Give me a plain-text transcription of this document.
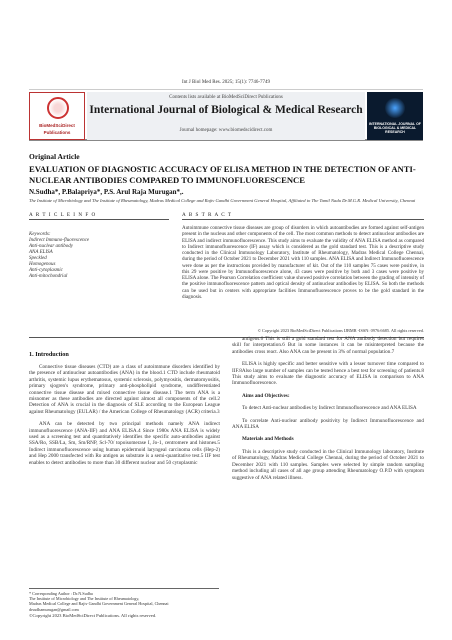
Int J Biol Med Res. 2025; 15(1): 7746-7749
BioMedSciDirect
Publications
Contents lists available at BioMedSciDirect Publications
International Journal of Biological & Medical Research
Journal homepage: www.biomedscidirect.com
INTERNATIONAL JOURNAL OF BIOLOGICAL & MEDICAL RESEARCH
Original Article
EVALUATION OF DIAGNOSTIC ACCURACY OF ELISA METHOD IN THE DETECTION OF ANTI-NUCLEAR ANTIBODIES COMPARED TO IMMUNOFLUORESCENCE
N.Sudha*, P.Balapriya*, P.S. Arul Raja Murugan*,.
The Institute of Microbiology and The Institute of Rheumatology, Madras Medical College and Rajiv Gandhi Government General Hospital, Affiliated to The Tamil Nadu Dr.M.G.R. Medical University, Chennai
A R T I C L E I N F O	A B S T R A C T
Keywords:
Indirect Immuno-fluorescence
Anti-nuclear antibody
ANA ELISA
Speckled
Homogenous
Anti-cytoplasmic
Anti-mitochondrial
Autoimmune connective tissue diseases are group of disorders in which autoantibodies are formed against self-antigen present in the nucleus and other components of the cell. The most common methods to detect antinuclear antibodies are ELISA and indirect immunofluorescence. This study aims to evaluate the validity of ANA ELISA method as compared to Indirect immunofluorescence (IF) assay which is considered as the gold standard test. This is a descriptive study conducted in the Clinical Immunology Laboratory, Institute of Rheumatology, Madras Medical College Chennai, during the period of October 2021 to December 2021 with 110 samples. ANA ELISA and Indirect Immunofluorescence were done as per the instructions provided by manufacturer of kit. Out of the 110 samples 75 cases were positive, in this 29 were positive by Immunofluorescence alone, 43 cases were positive by both and 3 cases were positive by ELISA alone. The Pearson Correlation coefficient value showed positive correlation between the grading of intensity of the positive immunofluorescence pattern and optical density of antinuclear antibodies by ELISA. So both the methods can be used but in centers with appropriate facilities Immunofluorescence proves to be the gold standard in the diagnosis.
© Copyright 2023 BioMedSciDirect Publications IJBMR -ISSN: 0976:6685. All rights reserved.
1. Introduction

Connective tissue diseases (CTD) are a class of autoimmune disorders identified by the presence of antinuclear autoantibodies (ANA) in the blood.1 CTD include rheumatoid arthritis, systemic lupus erythematosus, systemic sclerosis, polymyositis, dermatomyositis, primary sjogren's syndrome, primary anti-phospholipid syndrome, undifferentiated connective tissue disease and mixed connective tissue disease.1 The term ANA is a misnomer as these antibodies are directed against almost all components of the cell.2 Detection of ANA is crucial in the diagnosis of SLE according to the European League against Rheumatology (EULAR) / the American College of Rheumatology (ACR) criteria.3

ANA can be detected by two principal methods namely ANA indirect immunofluorescence (ANA-IIF) and ANA ELISA.4 Since 1980s ANA ELISA is widely used as a screening test and quantitatively identifies the specific auto-antibodies against SSA/Ro, SSB/La, Sm, Sm/RNP, Scl-70/ topoisomerase I, Jo-1, centromere and histones.5 Indirect immunofluorescence using human epidermoid laryngeal carcinoma cells (Hep-2) and Hep 2000 transfected with Ro antigen as substrate is a semi-quantitative test.5 IIF test enables to detect antibodies to more than 30 different nuclear and 50 cytoplasmic

antigens.6 This is still a gold standard test for ANA antibody detection but requires skill for interpretation.6 But in some instances it can be misinterpreted because the antibodies cross react. Also ANA can be present in 3% of normal population.7

ELISA is highly specific and better sensitive with a lesser turnover time compared to IIF.8Also large number of samples can be tested hence a best test for screening of patients.8 This study aims to evaluate the diagnostic accuracy of ELISA in comparison to ANA Immunofluorescence.

Aims and Objectives:

To detect Anti-nuclear antibodies by Indirect Immunofluorescence and ANA ELISA

To correlate Anti-nuclear antibody positivity by Indirect Immunofluorescence and ANA ELISA

Materials and Methods

This is a descriptive study conducted in the Clinical Immunology laboratory, Institute of Rheumatology, Madras Medical College Chennai, during the period of October 2021 to December 2021 with 110 samples. Samples were selected by simple random sampling method including all cases of all age group attending Rheumatology O.P.D with symptom suggestive of ANA related illness.

* Corresponding Author : Dr.N.Sudha
The Institute of Microbiology and The Institute of Rheumatology,
Madras Medical College and Rajiv Gandhi Government General Hospital, Chennai
drsudhamurugan@gmail.com
©Copyright 2023 BioMedSciDirect Publications. All rights reserved.
